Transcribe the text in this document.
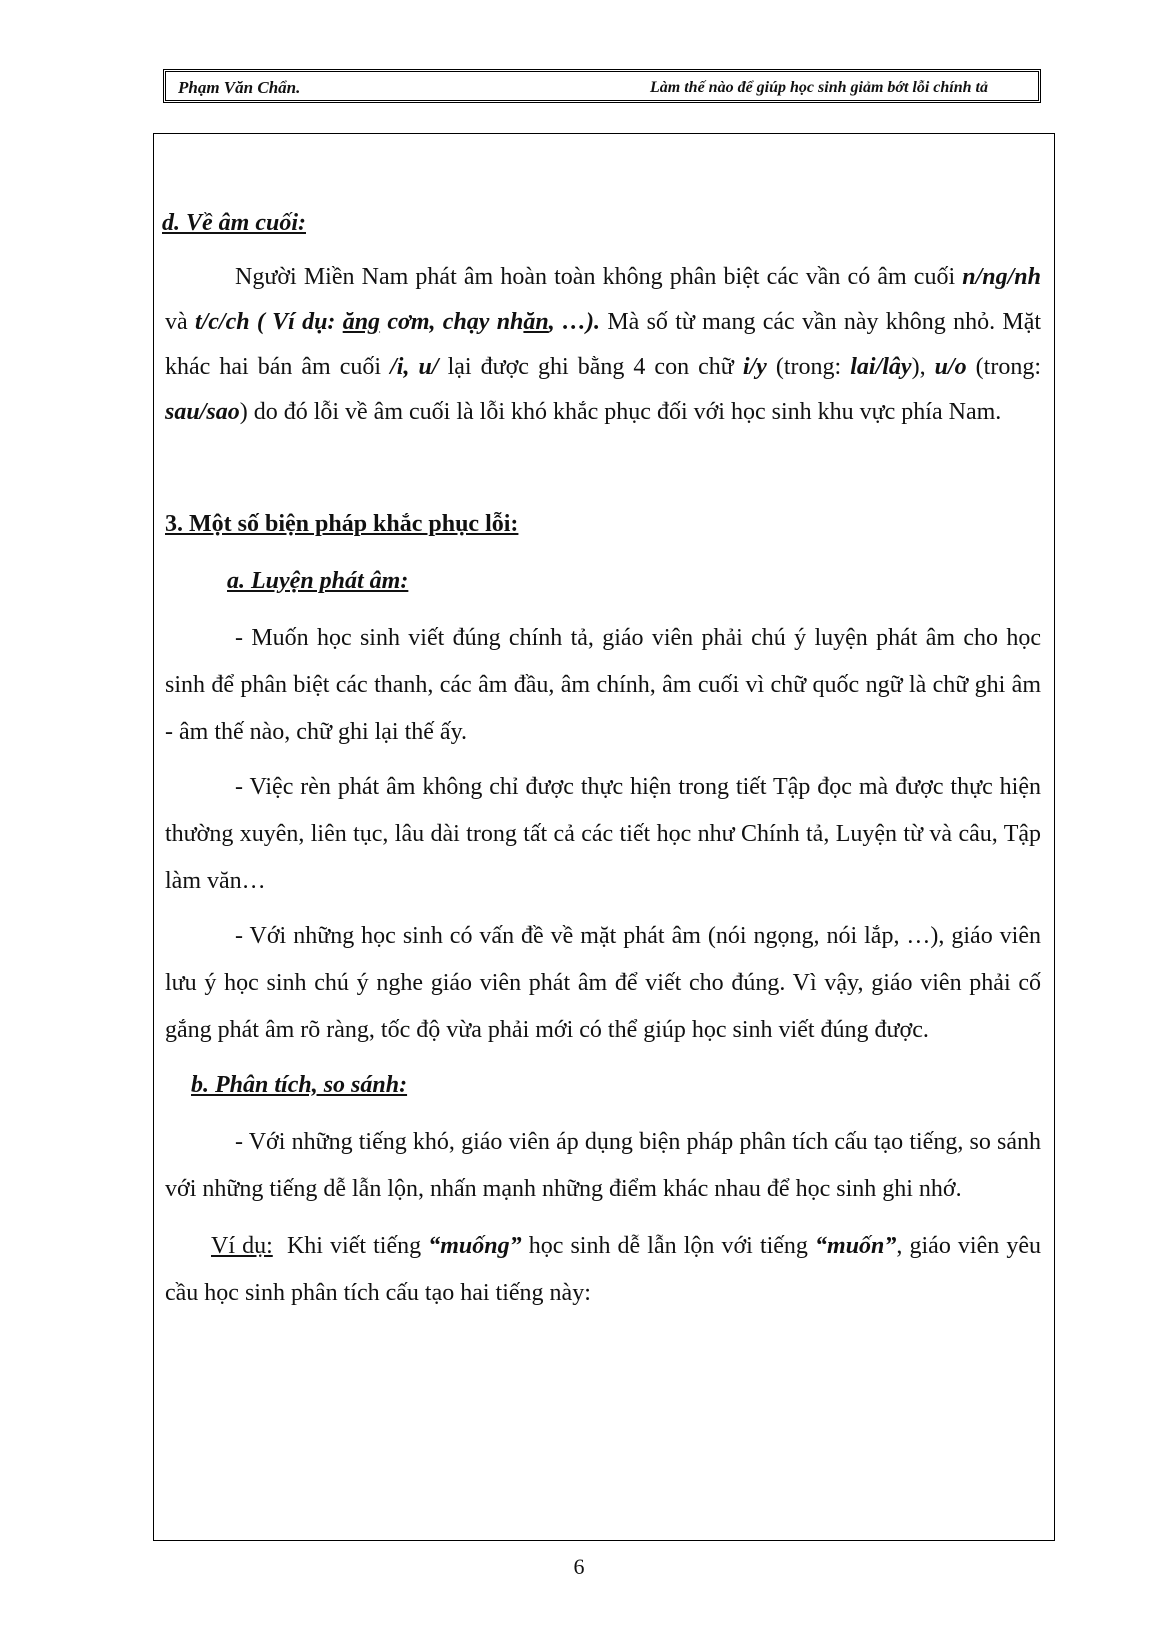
Phạm Văn Chẩn.	Làm thế nào để giúp học sinh giảm bớt lỗi chính tả

d. Về âm cuối:

Người Miền Nam phát âm hoàn toàn không phân biệt các vần có âm cuối n/ng/nh và t/c/ch ( Ví dụ: ăng cơm, chạy nhăn, …). Mà số từ mang các vần này không nhỏ. Mặt khác hai bán âm cuối /i, u/ lại được ghi bằng 4 con chữ i/y (trong: lai/lây), u/o (trong: sau/sao) do đó lỗi về âm cuối là lỗi khó khắc phục đối với học sinh khu vực phía Nam.

3. Một số biện pháp khắc phục lỗi:

a. Luyện phát âm:

- Muốn học sinh viết đúng chính tả, giáo viên phải chú ý luyện phát âm cho học sinh để phân biệt các thanh, các âm đầu, âm chính, âm cuối vì chữ quốc ngữ là chữ ghi âm - âm thế nào, chữ ghi lại thế ấy.

- Việc rèn phát âm không chỉ được thực hiện trong tiết Tập đọc mà được thực hiện thường xuyên, liên tục, lâu dài trong tất cả các tiết học như Chính tả, Luyện từ và câu, Tập làm văn…

- Với những học sinh có vấn đề về mặt phát âm (nói ngọng, nói lắp, …), giáo viên lưu ý học sinh chú ý nghe giáo viên phát âm để viết cho đúng. Vì vậy, giáo viên phải cố gắng phát âm rõ ràng, tốc độ vừa phải mới có thể giúp học sinh viết đúng được.

b. Phân tích, so sánh:

- Với những tiếng khó, giáo viên áp dụng biện pháp phân tích cấu tạo tiếng, so sánh với những tiếng dễ lẫn lộn, nhấn mạnh những điểm khác nhau để học sinh ghi nhớ.

Ví dụ:  Khi viết tiếng “muống” học sinh dễ lẫn lộn với tiếng “muốn”, giáo viên yêu cầu học sinh phân tích cấu tạo hai tiếng này:

6
